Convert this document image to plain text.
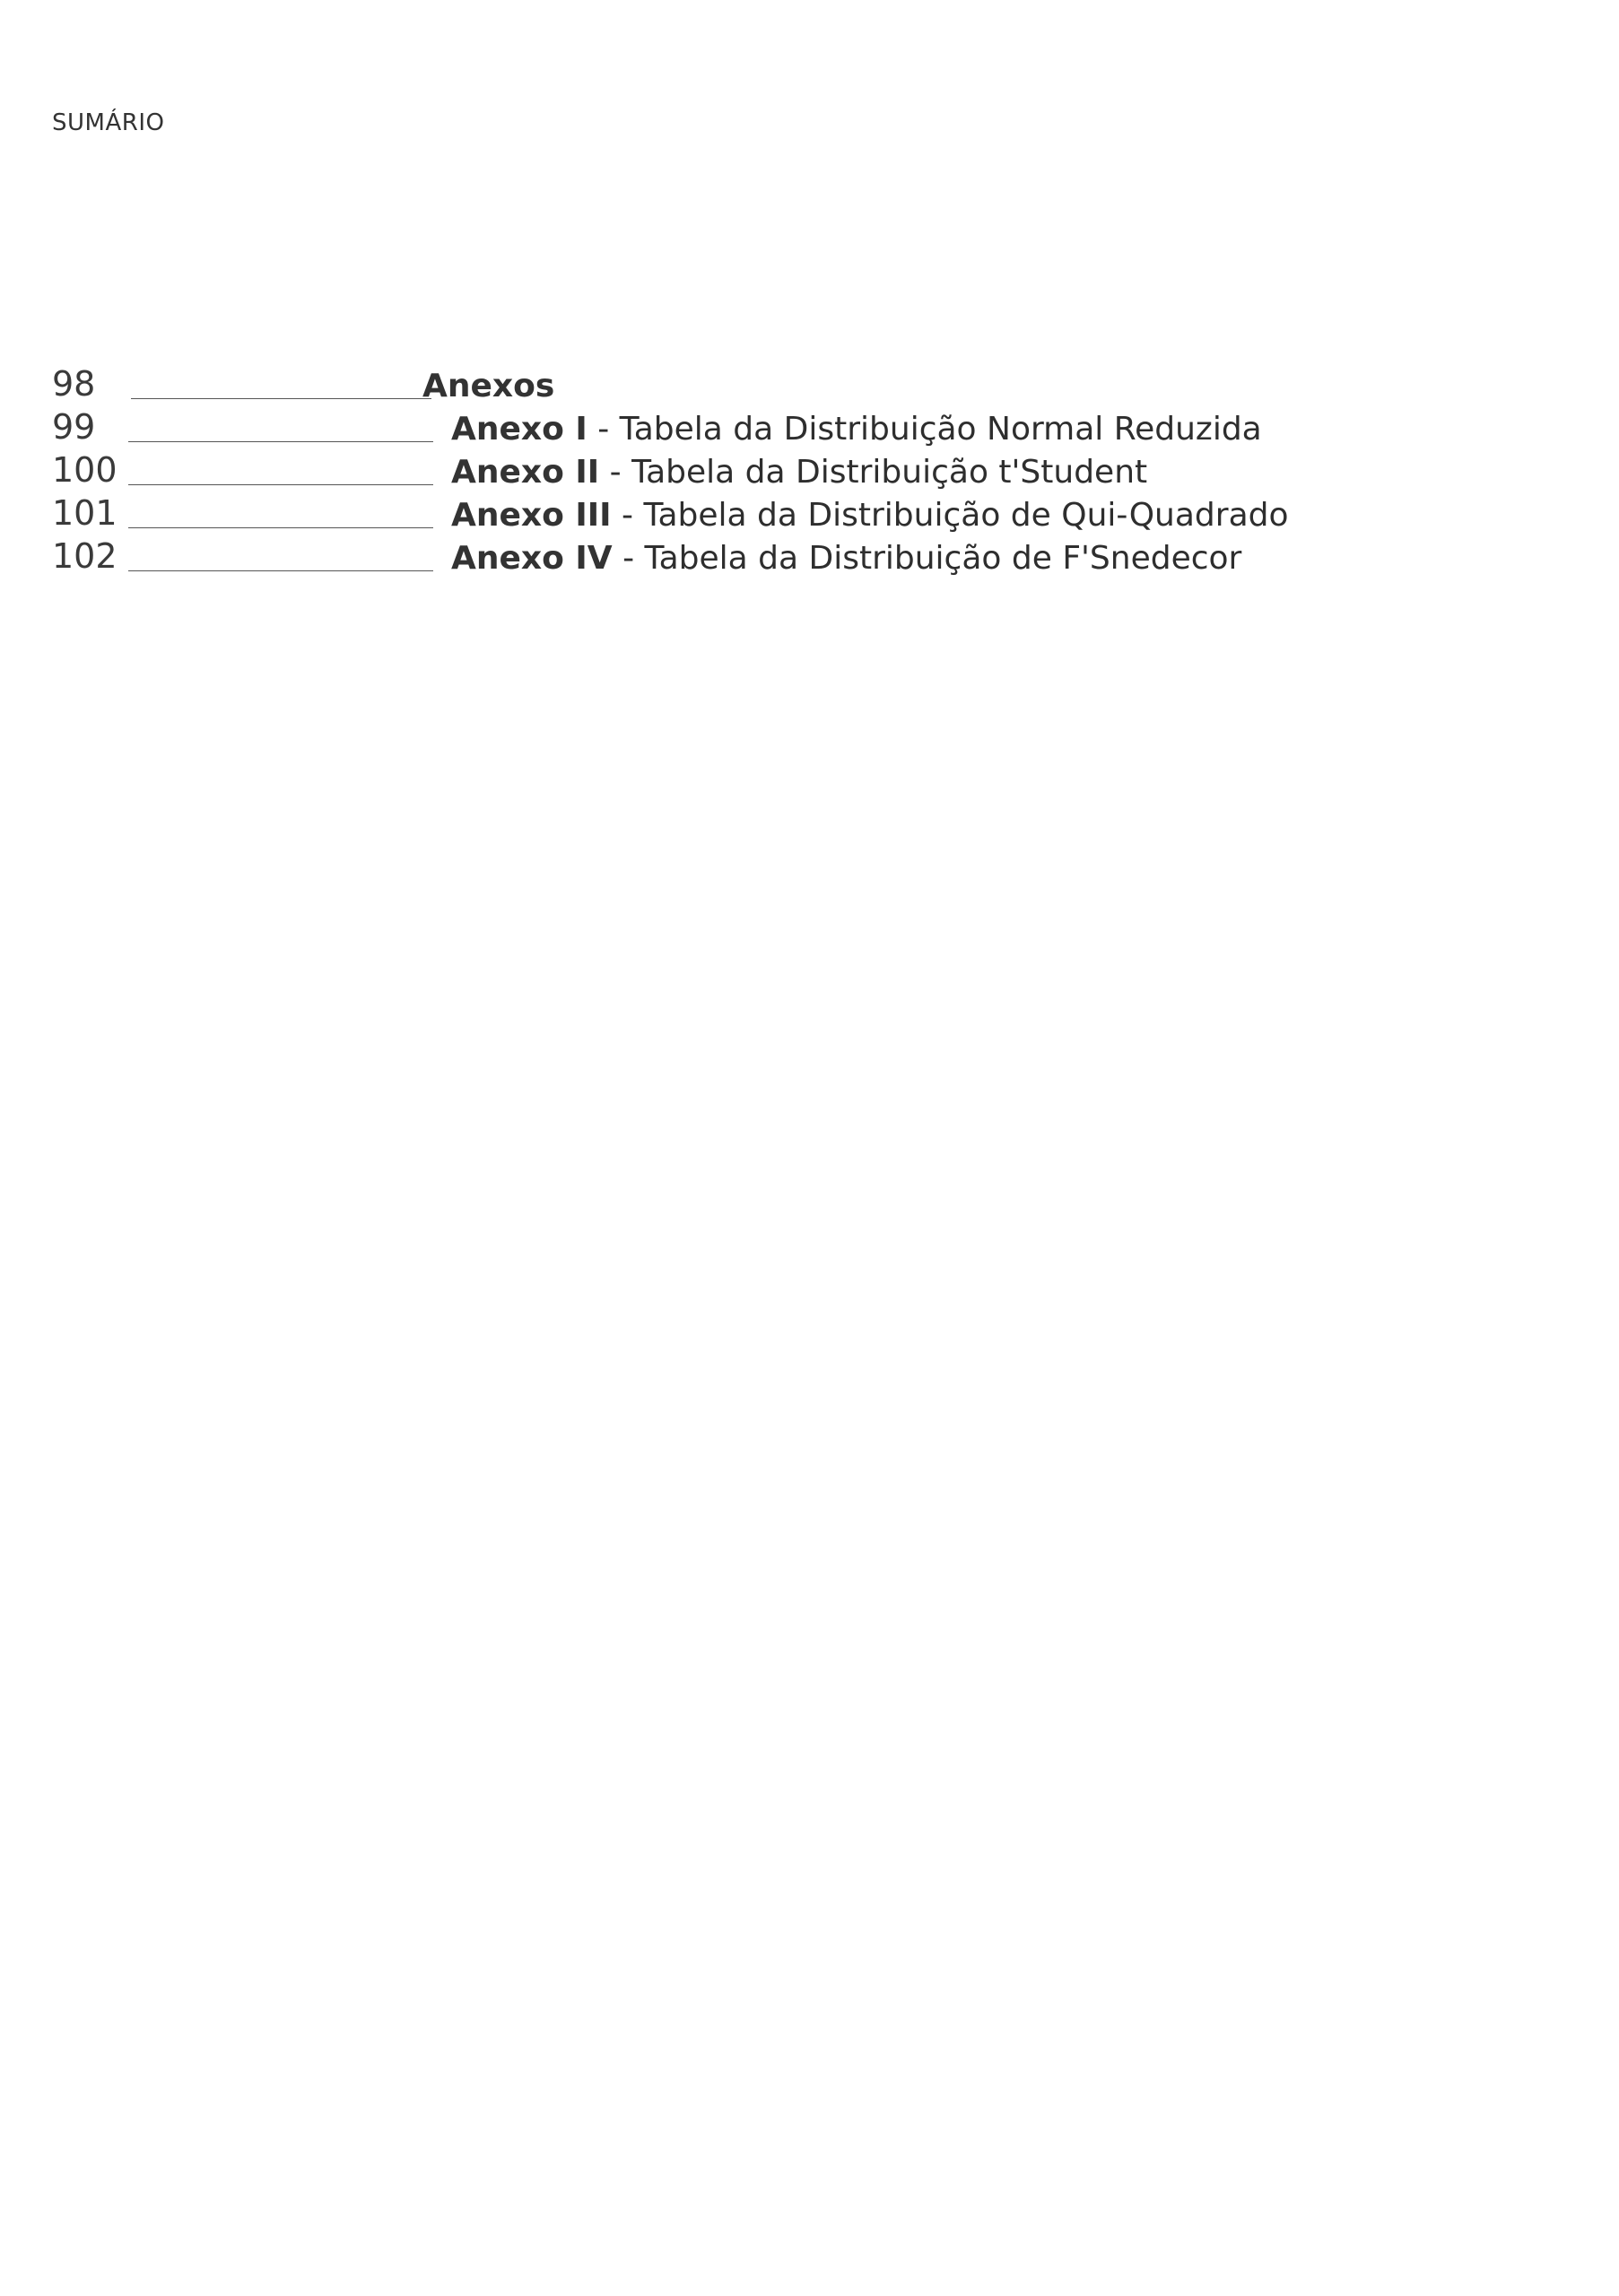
SUMÁRIO
98	Anexos
99	Anexo I - Tabela da Distribuição Normal Reduzida
100	Anexo II - Tabela da Distribuição t'Student
101	Anexo III - Tabela da Distribuição de Qui-Quadrado
102	Anexo IV - Tabela da Distribuição de F'Snedecor
